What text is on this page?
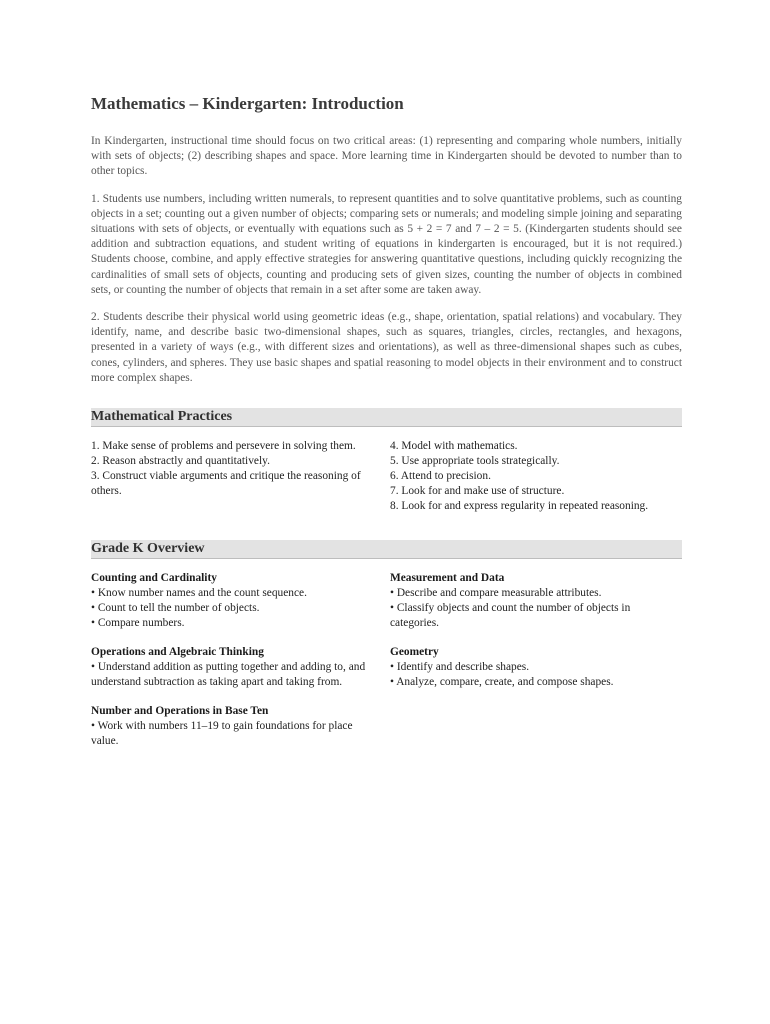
Mathematics – Kindergarten: Introduction

In Kindergarten, instructional time should focus on two critical areas: (1) representing and comparing whole numbers, initially with sets of objects; (2) describing shapes and space. More learning time in Kindergarten should be devoted to number than to other topics.

1. Students use numbers, including written numerals, to represent quantities and to solve quantitative problems, such as counting objects in a set; counting out a given number of objects; comparing sets or numerals; and modeling simple joining and separating situations with sets of objects, or eventually with equations such as 5 + 2 = 7 and 7 – 2 = 5. (Kindergarten students should see addition and subtraction equations, and student writing of equations in kindergarten is encouraged, but it is not required.) Students choose, combine, and apply effective strategies for answering quantitative questions, including quickly recognizing the cardinalities of small sets of objects, counting and producing sets of given sizes, counting the number of objects in combined sets, or counting the number of objects that remain in a set after some are taken away.

2. Students describe their physical world using geometric ideas (e.g., shape, orientation, spatial relations) and vocabulary. They identify, name, and describe basic two-dimensional shapes, such as squares, triangles, circles, rectangles, and hexagons, presented in a variety of ways (e.g., with different sizes and orientations), as well as three-dimensional shapes such as cubes, cones, cylinders, and spheres. They use basic shapes and spatial reasoning to model objects in their environment and to construct more complex shapes.

Mathematical Practices
1. Make sense of problems and persevere in solving them.
2. Reason abstractly and quantitatively.
3. Construct viable arguments and critique the reasoning of others.
4. Model with mathematics.
5. Use appropriate tools strategically.
6. Attend to precision.
7. Look for and make use of structure.
8. Look for and express regularity in repeated reasoning.
Grade K Overview
Counting and Cardinality
• Know number names and the count sequence.
• Count to tell the number of objects.
• Compare numbers.
Operations and Algebraic Thinking
• Understand addition as putting together and adding to, and understand subtraction as taking apart and taking from.
Number and Operations in Base Ten
• Work with numbers 11–19 to gain foundations for place value.
Measurement and Data
• Describe and compare measurable attributes.
• Classify objects and count the number of objects in categories.
Geometry
• Identify and describe shapes.
• Analyze, compare, create, and compose shapes.
